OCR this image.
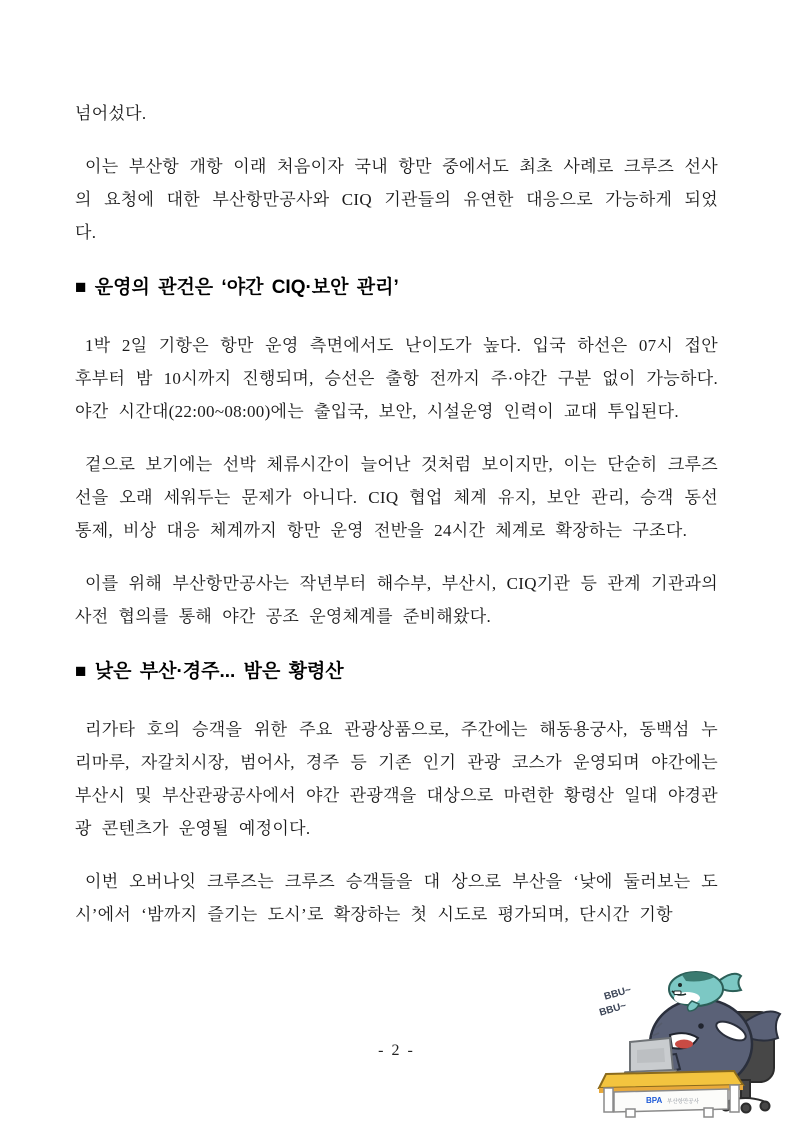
넘어섰다.

이는 부산항 개항 이래 처음이자 국내 항만 중에서도 최초 사례로 크루즈 선사의 요청에 대한 부산항만공사와 CIQ 기관들의 유연한 대응으로 가능하게 되었다.

■ 운영의 관건은 ‘야간 CIQ·보안 관리’

1박 2일 기항은 항만 운영 측면에서도 난이도가 높다. 입국 하선은 07시 접안 후부터 밤 10시까지 진행되며, 승선은 출항 전까지 주·야간 구분 없이 가능하다. 야간 시간대(22:00~08:00)에는 출입국, 보안, 시설운영 인력이 교대 투입된다.

겉으로 보기에는 선박 체류시간이 늘어난 것처럼 보이지만, 이는 단순히 크루즈선을 오래 세워두는 문제가 아니다. CIQ 협업 체계 유지, 보안 관리, 승객 동선 통제, 비상 대응 체계까지 항만 운영 전반을 24시간 체계로 확장하는 구조다.

이를 위해 부산항만공사는 작년부터 해수부, 부산시, CIQ기관 등 관계 기관과의 사전 협의를 통해 야간 공조 운영체계를 준비해왔다.

■ 낮은 부산·경주... 밤은 황령산

리가타 호의 승객을 위한 주요 관광상품으로, 주간에는 해동용궁사, 동백섬 누리마루, 자갈치시장, 범어사, 경주 등 기존 인기 관광 코스가 운영되며 야간에는 부산시 및 부산관광공사에서 야간 관광객을 대상으로 마련한 황령산 일대 야경관광 콘텐츠가 운영될 예정이다.

이번 오버나잇 크루즈는 크루즈 승객들을 대 상으로 부산을 ‘낮에 둘러보는 도시’에서 ‘밤까지 즐기는 도시’로 확장하는 첫 시도로 평가되며, 단시간 기항

- 2 -
BPA 부산항만공사
BBU~
BBU~
